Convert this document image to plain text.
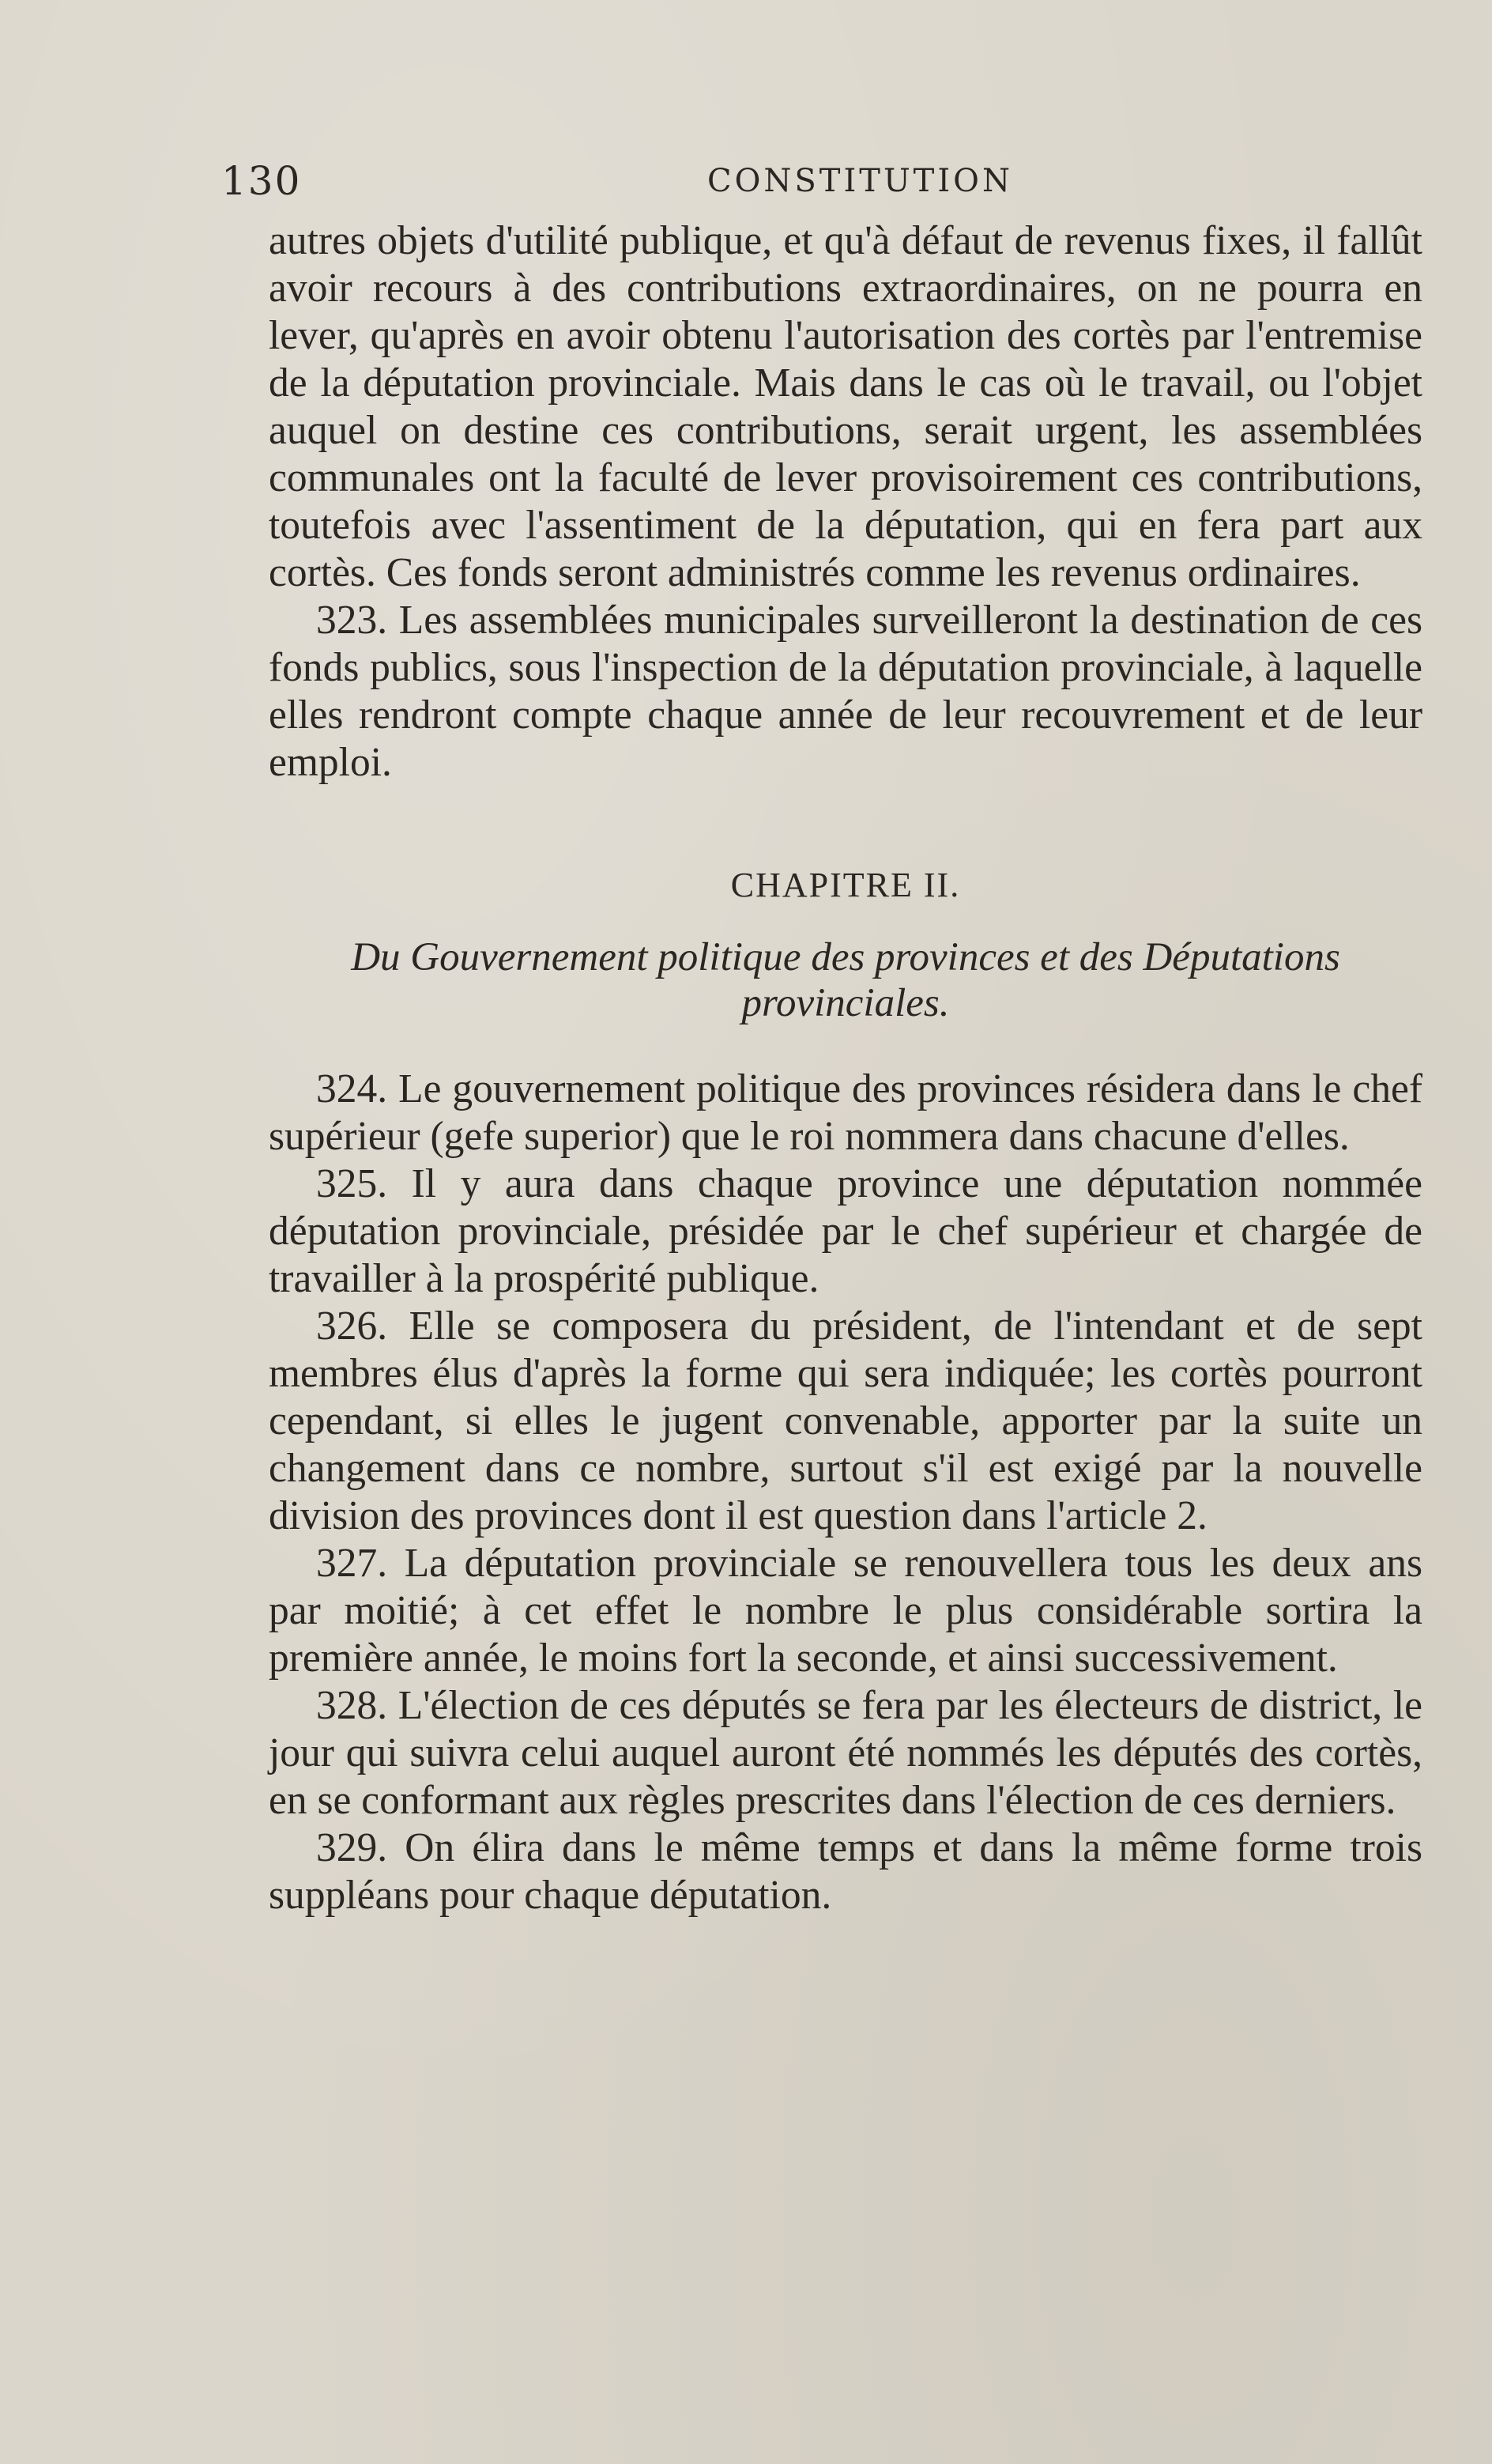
130	CONSTITUTION

autres objets d'utilité publique, et qu'à défaut de revenus fixes, il fallût avoir recours à des contributions extraordinaires, on ne pourra en lever, qu'après en avoir obtenu l'autorisation des cortès par l'entremise de la députation provinciale. Mais dans le cas où le travail, ou l'objet auquel on destine ces contributions, serait urgent, les assemblées communales ont la faculté de lever provisoirement ces contributions, toutefois avec l'assentiment de la députation, qui en fera part aux cortès. Ces fonds seront administrés comme les revenus ordinaires.

323. Les assemblées municipales surveilleront la destination de ces fonds publics, sous l'inspection de la députation provinciale, à laquelle elles rendront compte chaque année de leur recouvrement et de leur emploi.

CHAPITRE II.
Du Gouvernement politique des provinces et des Députations provinciales.

324. Le gouvernement politique des provinces résidera dans le chef supérieur (gefe superior) que le roi nommera dans chacune d'elles.

325. Il y aura dans chaque province une députation nommée députation provinciale, présidée par le chef supérieur et chargée de travailler à la prospérité publique.

326. Elle se composera du président, de l'intendant et de sept membres élus d'après la forme qui sera indiquée; les cortès pourront cependant, si elles le jugent convenable, apporter par la suite un changement dans ce nombre, surtout s'il est exigé par la nouvelle division des provinces dont il est question dans l'article 2.

327. La députation provinciale se renouvellera tous les deux ans par moitié; à cet effet le nombre le plus considérable sortira la première année, le moins fort la seconde, et ainsi successivement.

328. L'élection de ces députés se fera par les électeurs de district, le jour qui suivra celui auquel auront été nommés les députés des cortès, en se conformant aux règles prescrites dans l'élection de ces derniers.

329. On élira dans le même temps et dans la même forme trois suppléans pour chaque députation.
